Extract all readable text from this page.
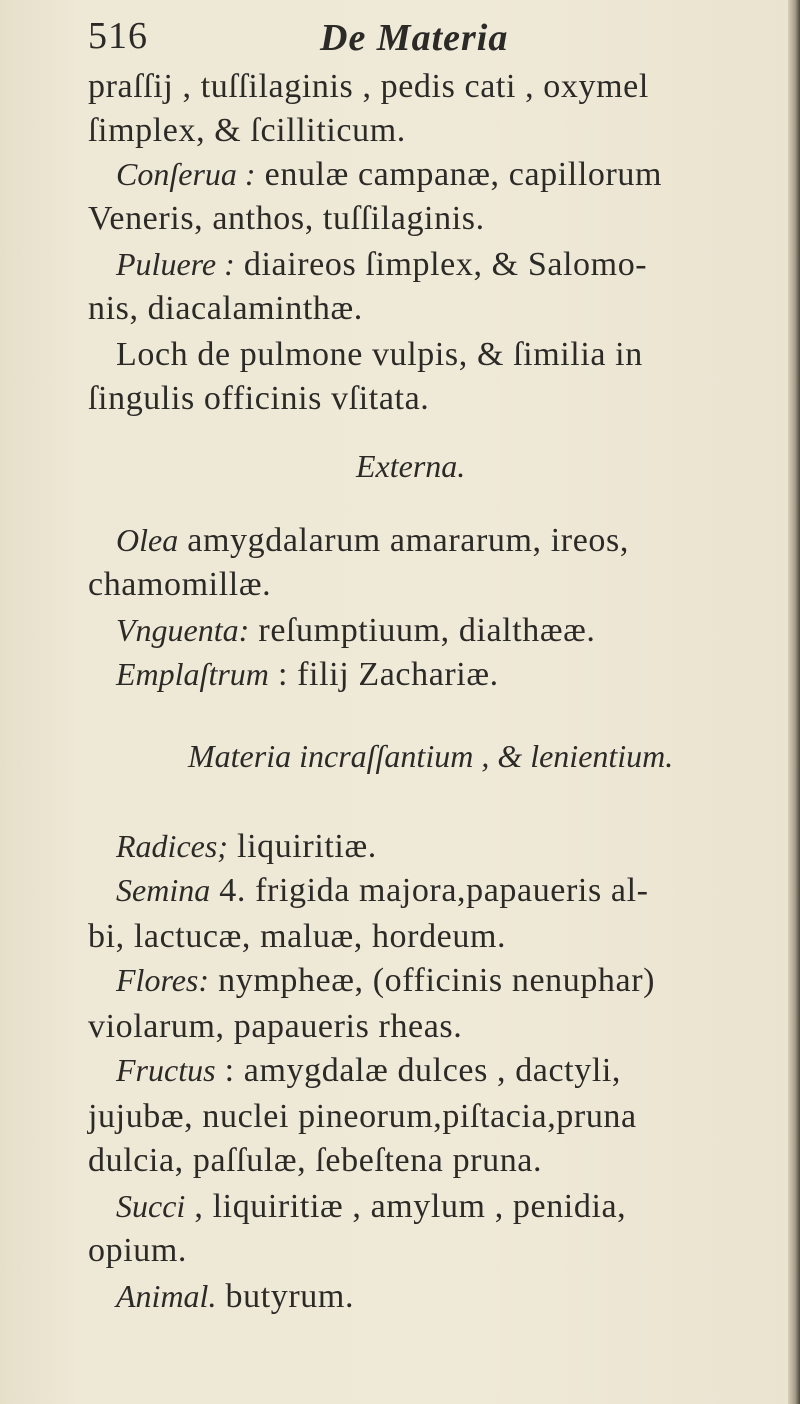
516	De Materia
praſſij , tuſſilaginis , pedis cati , oxymel
ſimplex, & ſcilliticum.
Conſerua : enulæ campanæ, capillorum
Veneris, anthos, tuſſilaginis.
Puluere : diaireos ſimplex, & Salomo-
nis, diacalaminthæ.
Loch de pulmone vulpis, & ſimilia in
ſingulis officinis vſitata.
Externa.
Olea amygdalarum amararum, ireos,
chamomillæ.
Vnguenta: reſumptiuum, dialthææ.
Emplaſtrum : filij Zachariæ.
Materia incraſſantium , & lenientium.
Radices; liquiritiæ.
Semina 4. frigida majora,papaueris al-
bi, lactucæ, maluæ, hordeum.
Flores: nympheæ, (officinis nenuphar)
violarum, papaueris rheas.
Fructus : amygdalæ dulces , dactyli,
jujubæ, nuclei pineorum,piſtacia,pruna
dulcia, paſſulæ, ſebeſtena pruna.
Succi , liquiritiæ , amylum , penidia,
opium.
Animal. butyrum.
